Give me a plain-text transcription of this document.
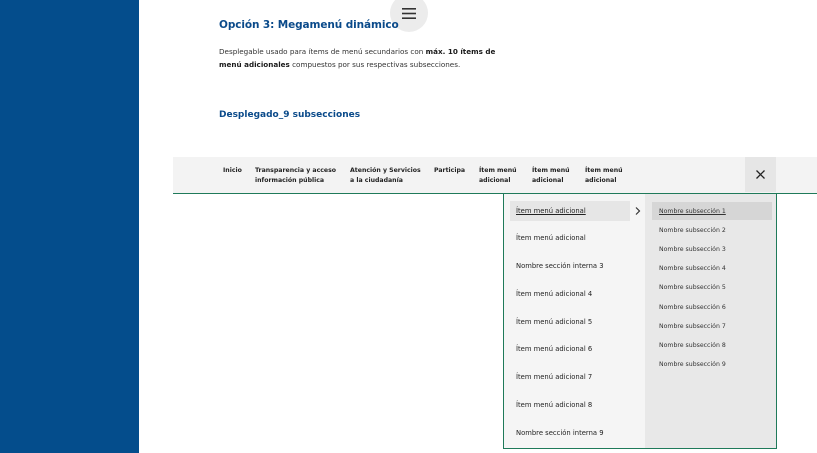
Opción 3: Megamenú dinámico
Desplegable usado para ítems de menú secundarios con máx. 10 ítems de menú adicionales compuestos por sus respectivas subsecciones.
Desplegado_9 subsecciones
Inicio Transparencia y acceso
información pública
Atención y Servicios
a la ciudadanía
Participa Ítem menú
adicional
Ítem menú
adicional
Ítem menú
adicional
Ítem menú adicional
Ítem menú adicional
Nombre sección interna 3
Ítem menú adicional 4
Ítem menú adicional 5
Ítem menú adicional 6
Ítem menú adicional 7
Ítem menú adicional 8
Nombre sección interna 9
Nombre subsección 1
Nombre subsección 2
Nombre subsección 3
Nombre subsección 4
Nombre subsección 5
Nombre subsección 6
Nombre subsección 7
Nombre subsección 8
Nombre subsección 9
